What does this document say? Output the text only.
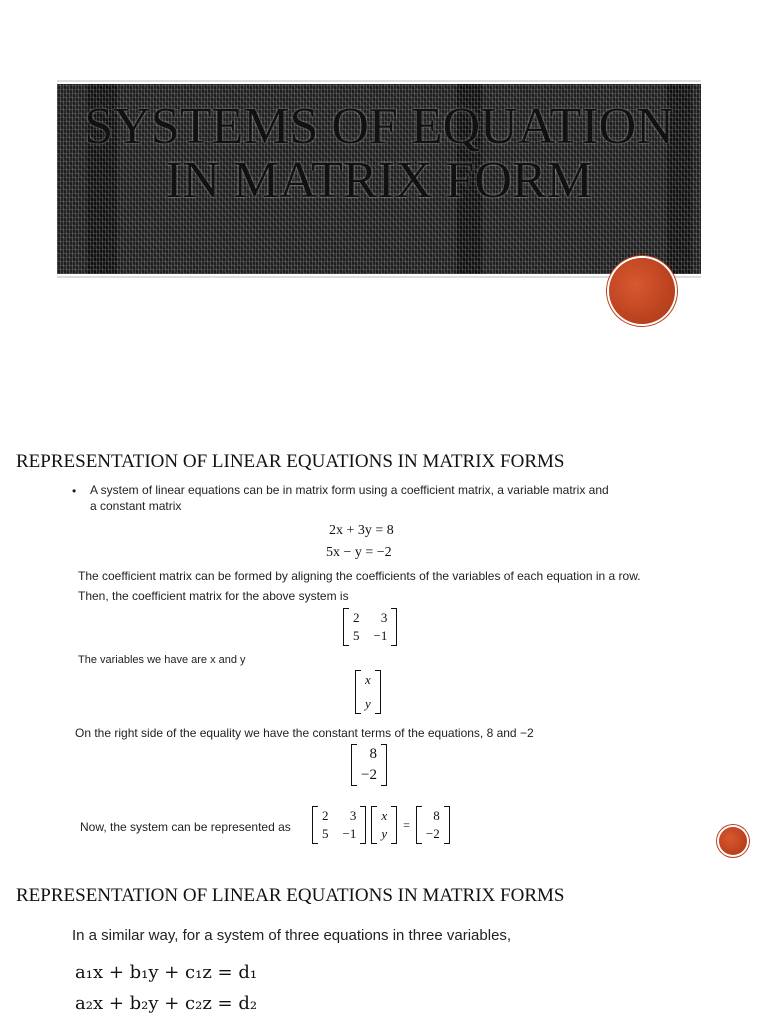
SYSTEMS OF EQUATION IN MATRIX FORM
REPRESENTATION OF LINEAR EQUATIONS IN MATRIX FORMS
• A system of linear equations can be in matrix form using a coefficient matrix, a variable matrix and

a constant matrix

2x + 3y = 8

5x − y = −2

The coefficient matrix can be formed by aligning the coefficients of the variables of each equation in a row.

Then, the coefficient matrix for the above system is

2	3
5 −1

The variables we have are x and y

x
y

On the right side of the equality we have the constant terms of the equations, 8 and −2

8
−2

Now, the system can be represented as

2	3
5 −1
x
y
=
8
−2
REPRESENTATION OF LINEAR EQUATIONS IN MATRIX FORMS

In a similar way, for a system of three equations in three variables,

a₁x + b₁y + c₁z = d₁

a₂x + b₂y + c₂z = d₂
